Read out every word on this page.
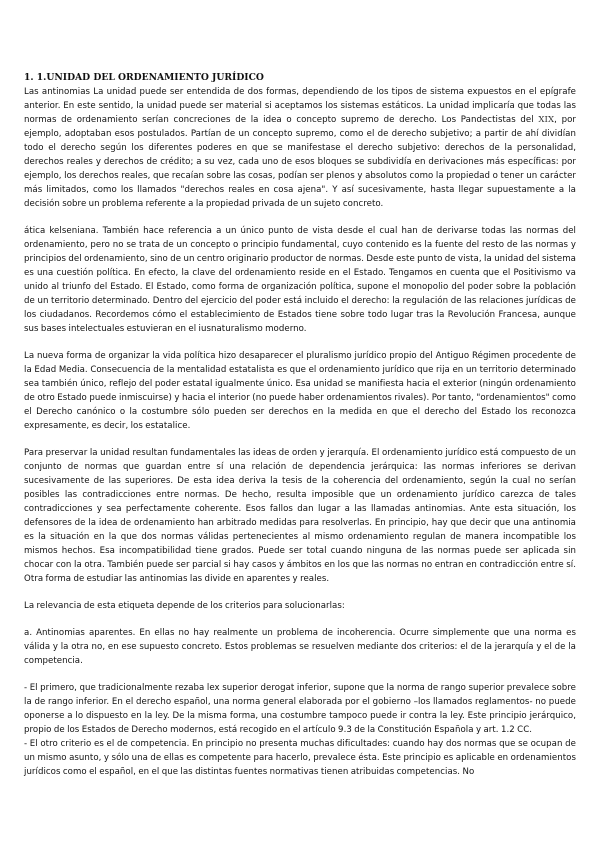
1. 1.UNIDAD DEL ORDENAMIENTO JURÍDICO

Las antinomias La unidad puede ser entendida de dos formas, dependiendo de los tipos de sistema expuestos en el epígrafe anterior. En este sentido, la unidad puede ser material si aceptamos los sistemas estáticos. La unidad implicaría que todas las normas de ordenamiento serían concreciones de la idea o concepto supremo de derecho. Los Pandectistas del XIX, por ejemplo, adoptaban esos postulados. Partían de un concepto supremo, como el de derecho subjetivo; a partir de ahí dividían todo el derecho según los diferentes poderes en que se manifestase el derecho subjetivo: derechos de la personalidad, derechos reales y derechos de crédito; a su vez, cada uno de esos bloques se subdividía en derivaciones más específicas: por ejemplo, los derechos reales, que recaían sobre las cosas, podían ser plenos y absolutos como la propiedad o tener un carácter más limitados, como los llamados "derechos reales en cosa ajena". Y así sucesivamente, hasta llegar supuestamente a la decisión sobre un problema referente a la propiedad privada de un sujeto concreto.

ática kelseniana. También hace referencia a un único punto de vista desde el cual han de derivarse todas las normas del ordenamiento, pero no se trata de un concepto o principio fundamental, cuyo contenido es la fuente del resto de las normas y principios del ordenamiento, sino de un centro originario productor de normas. Desde este punto de vista, la unidad del sistema es una cuestión política. En efecto, la clave del ordenamiento reside en el Estado. Tengamos en cuenta que el Positivismo va unido al triunfo del Estado. El Estado, como forma de organización política, supone el monopolio del poder sobre la población de un territorio determinado. Dentro del ejercicio del poder está incluido el derecho: la regulación de las relaciones jurídicas de los ciudadanos. Recordemos cómo el establecimiento de Estados tiene sobre todo lugar tras la Revolución Francesa, aunque sus bases intelectuales estuvieran en el iusnaturalismo moderno.

La nueva forma de organizar la vida política hizo desaparecer el pluralismo jurídico propio del Antiguo Régimen procedente de la Edad Media. Consecuencia de la mentalidad estatalista es que el ordenamiento jurídico que rija en un territorio determinado sea también único, reflejo del poder estatal igualmente único. Esa unidad se manifiesta hacia el exterior (ningún ordenamiento de otro Estado puede inmiscuirse) y hacia el interior (no puede haber ordenamientos rivales). Por tanto, "ordenamientos" como el Derecho canónico o la costumbre sólo pueden ser derechos en la medida en que el derecho del Estado los reconozca expresamente, es decir, los estatalice.

Para preservar la unidad resultan fundamentales las ideas de orden y jerarquía. El ordenamiento jurídico está compuesto de un conjunto de normas que guardan entre sí una relación de dependencia jerárquica: las normas inferiores se derivan sucesivamente de las superiores. De esta idea deriva la tesis de la coherencia del ordenamiento, según la cual no serían posibles las contradicciones entre normas. De hecho, resulta imposible que un ordenamiento jurídico carezca de tales contradicciones y sea perfectamente coherente. Esos fallos dan lugar a las llamadas antinomias. Ante esta situación, los defensores de la idea de ordenamiento han arbitrado medidas para resolverlas. En principio, hay que decir que una antinomia es la situación en la que dos normas válidas pertenecientes al mismo ordenamiento regulan de manera incompatible los mismos hechos. Esa incompatibilidad tiene grados. Puede ser total cuando ninguna de las normas puede ser aplicada sin chocar con la otra. También puede ser parcial si hay casos y ámbitos en los que las normas no entran en contradicción entre sí. Otra forma de estudiar las antinomias las divide en aparentes y reales.

La relevancia de esta etiqueta depende de los criterios para solucionarlas:

a. Antinomias aparentes. En ellas no hay realmente un problema de incoherencia. Ocurre simplemente que una norma es válida y la otra no, en ese supuesto concreto. Estos problemas se resuelven mediante dos criterios: el de la jerarquía y el de la competencia.

- El primero, que tradicionalmente rezaba lex superior derogat inferior, supone que la norma de rango superior prevalece sobre la de rango inferior. En el derecho español, una norma general elaborada por el gobierno –los llamados reglamentos- no puede oponerse a lo dispuesto en la ley. De la misma forma, una costumbre tampoco puede ir contra la ley. Este principio jerárquico, propio de los Estados de Derecho modernos, está recogido en el artículo 9.3 de la Constitución Española y art. 1.2 CC.

- El otro criterio es el de competencia. En principio no presenta muchas dificultades: cuando hay dos normas que se ocupan de un mismo asunto, y sólo una de ellas es competente para hacerlo, prevalece ésta. Este principio es aplicable en ordenamientos jurídicos como el español, en el que las distintas fuentes normativas tienen atribuidas competencias. No
